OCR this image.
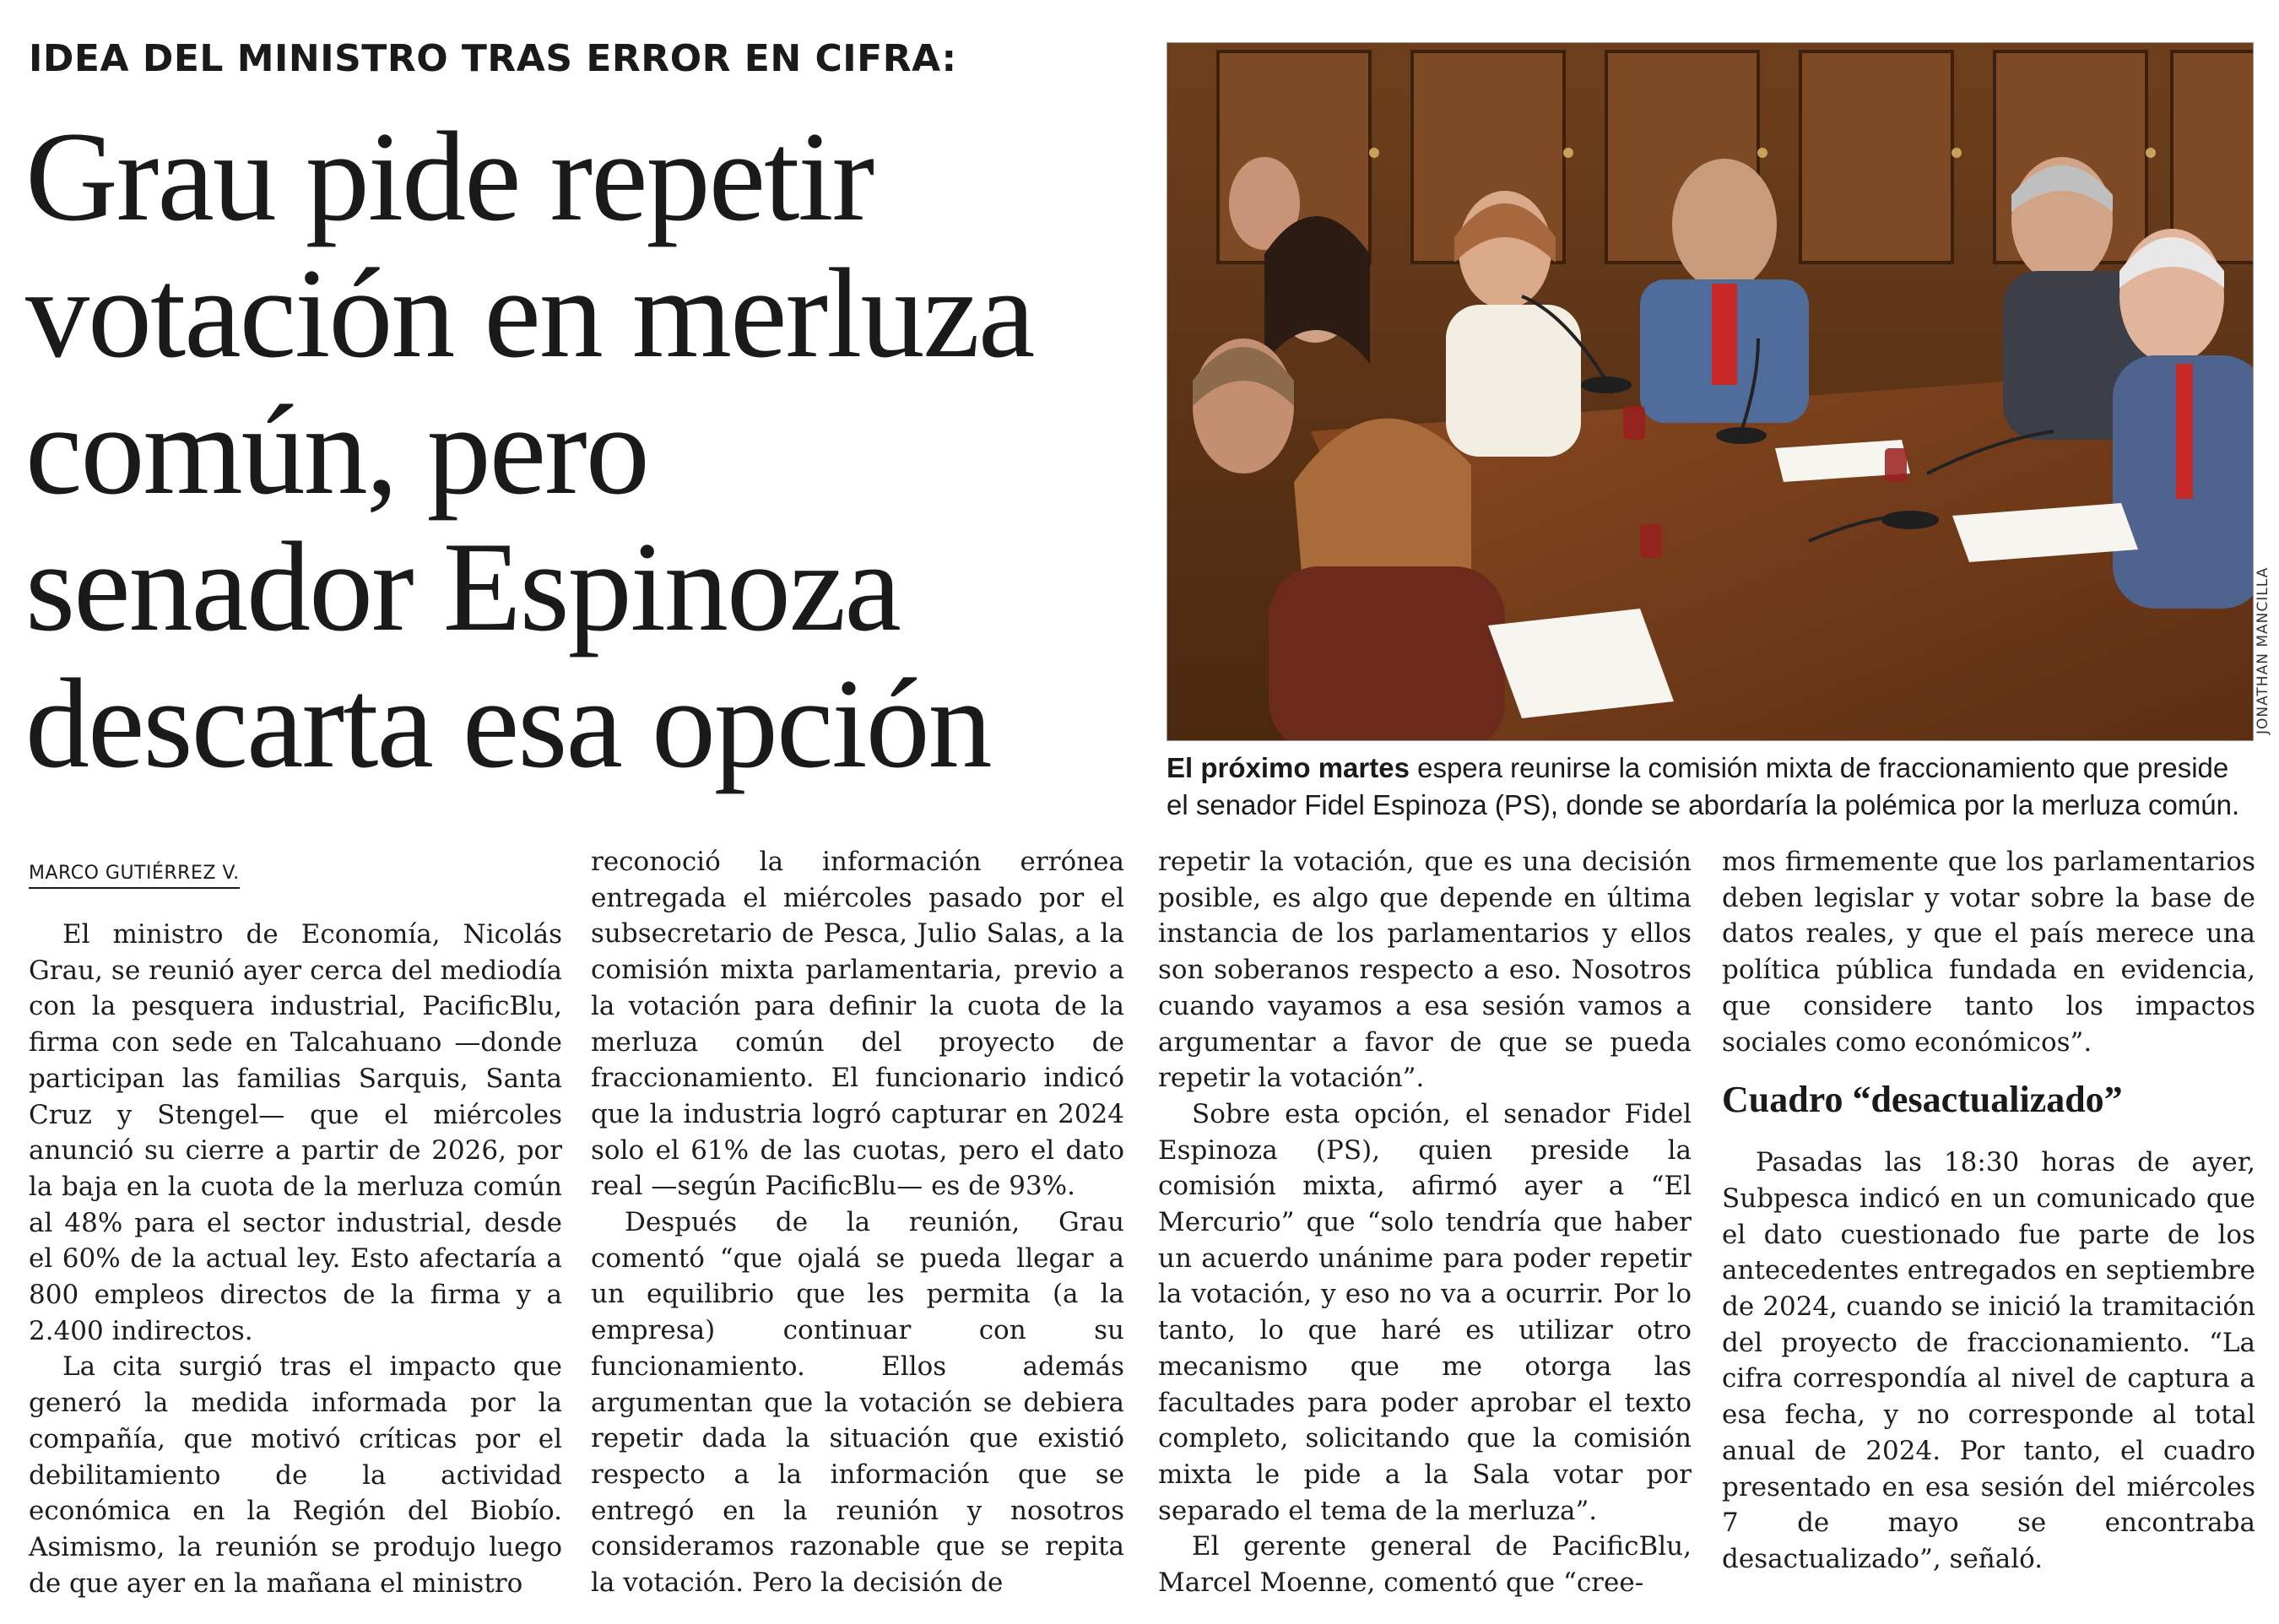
IDEA DEL MINISTRO TRAS ERROR EN CIFRA:
Grau pide repetir
votación en merluza
común, pero
senador Espinoza
descarta esa opción	JONATHAN MANCILLA
El próximo martes espera reunirse la comisión mixta de fraccionamiento que preside el senador Fidel Espinoza (PS), donde se abordaría la polémica por la merluza común.
MARCO GUTIÉRREZ V.

El ministro de Economía, Nicolás Grau, se reunió ayer cerca del mediodía con la pesquera industrial, PacificBlu, firma con sede en Talcahuano —donde participan las familias Sarquis, Santa Cruz y Stengel— que el miércoles anunció su cierre a partir de 2026, por la baja en la cuota de la merluza común al 48% para el sector industrial, desde el 60% de la actual ley. Esto afectaría a 800 empleos directos de la firma y a 2.400 indirectos.

La cita surgió tras el impacto que generó la medida informada por la compañía, que motivó críticas por el debilitamiento de la actividad económica en la Región del Biobío. Asimismo, la reunión se produjo luego de que ayer en la mañana el ministro

reconoció la información errónea entregada el miércoles pasado por el subsecretario de Pesca, Julio Salas, a la comisión mixta parlamentaria, previo a la votación para definir la cuota de la merluza común del proyecto de fraccionamiento. El funcionario indicó que la industria logró capturar en 2024 solo el 61% de las cuotas, pero el dato real —según PacificBlu— es de 93%.

Después de la reunión, Grau comentó “que ojalá se pueda llegar a un equilibrio que les permita (a la empresa) continuar con su funcionamiento. Ellos además argumentan que la votación se debiera repetir dada la situación que existió respecto a la información que se entregó en la reunión y nosotros consideramos razonable que se repita la votación. Pero la decisión de

repetir la votación, que es una decisión posible, es algo que depende en última instancia de los parlamentarios y ellos son soberanos respecto a eso. Nosotros cuando vayamos a esa sesión vamos a argumentar a favor de que se pueda repetir la votación”.

Sobre esta opción, el senador Fidel Espinoza (PS), quien preside la comisión mixta, afirmó ayer a “El Mercurio” que “solo tendría que haber un acuerdo unánime para poder repetir la votación, y eso no va a ocurrir. Por lo tanto, lo que haré es utilizar otro mecanismo que me otorga las facultades para poder aprobar el texto completo, solicitando que la comisión mixta le pide a la Sala votar por separado el tema de la merluza”.

El gerente general de PacificBlu, Marcel Moenne, comentó que “cree-

mos firmemente que los parlamentarios deben legislar y votar sobre la base de datos reales, y que el país merece una política pública fundada en evidencia, que considere tanto los impactos sociales como económicos”.

Cuadro “desactualizado”

Pasadas las 18:30 horas de ayer, Subpesca indicó en un comunicado que el dato cuestionado fue parte de los antecedentes entregados en septiembre de 2024, cuando se inició la tramitación del proyecto de fraccionamiento. “La cifra correspondía al nivel de captura a esa fecha, y no corresponde al total anual de 2024. Por tanto, el cuadro presentado en esa sesión del miércoles 7 de mayo se encontraba desactualizado”, señaló.
